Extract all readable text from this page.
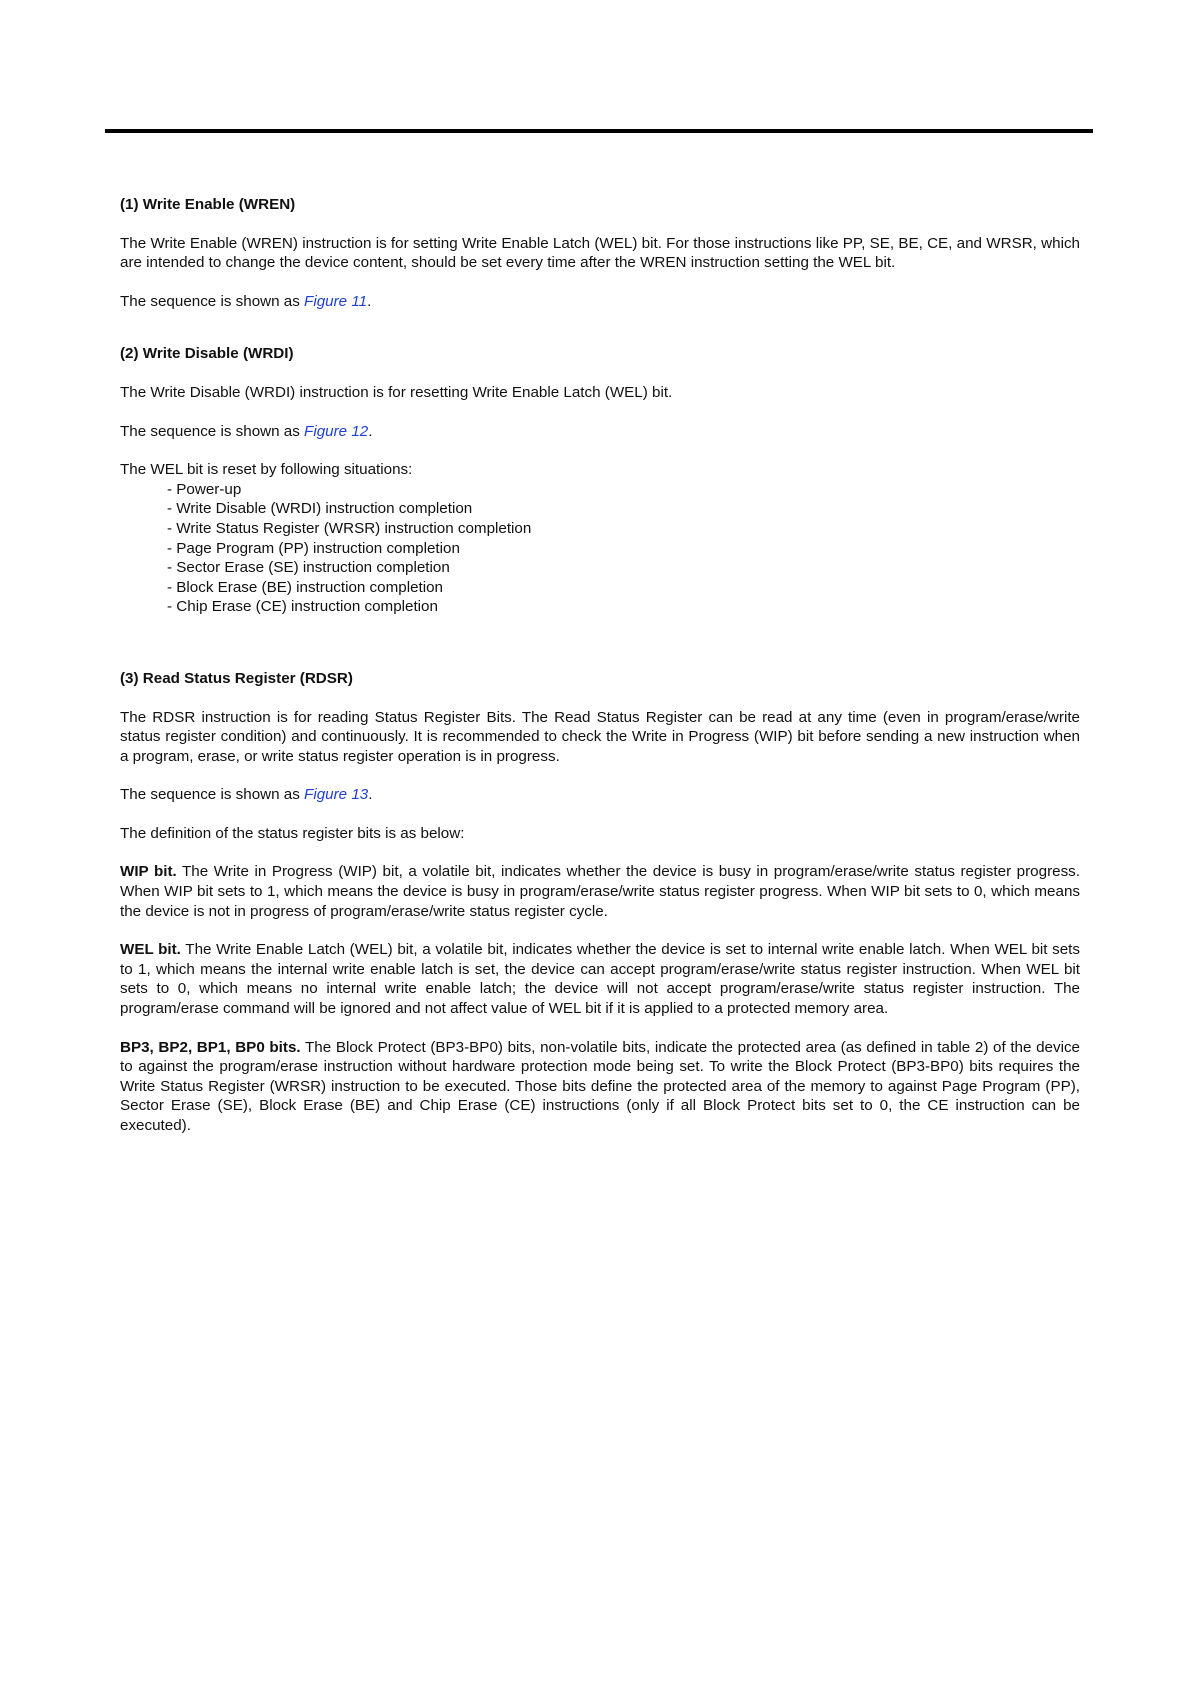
(1) Write Enable (WREN)

The Write Enable (WREN) instruction is for setting Write Enable Latch (WEL) bit. For those instructions like PP, SE, BE, CE, and WRSR, which are intended to change the device content, should be set every time after the WREN instruction setting the WEL bit.

The sequence is shown as Figure 11.

(2) Write Disable (WRDI)

The Write Disable (WRDI) instruction is for resetting Write Enable Latch (WEL) bit.

The sequence is shown as Figure 12.

The WEL bit is reset by following situations:

- Power-up
- Write Disable (WRDI) instruction completion
- Write Status Register (WRSR) instruction completion
- Page Program (PP) instruction completion
- Sector Erase (SE) instruction completion
- Block Erase (BE) instruction completion
- Chip Erase (CE) instruction completion
(3) Read Status Register (RDSR)

The RDSR instruction is for reading Status Register Bits. The Read Status Register can be read at any time (even in program/erase/write status register condition) and continuously. It is recommended to check the Write in Progress (WIP) bit before sending a new instruction when a program, erase, or write status register operation is in progress.

The sequence is shown as Figure 13.

The definition of the status register bits is as below:

WIP bit. The Write in Progress (WIP) bit, a volatile bit, indicates whether the device is busy in program/erase/write status register progress. When WIP bit sets to 1, which means the device is busy in program/erase/write status register progress. When WIP bit sets to 0, which means the device is not in progress of program/erase/write status register cycle.

WEL bit. The Write Enable Latch (WEL) bit, a volatile bit, indicates whether the device is set to internal write enable latch. When WEL bit sets to 1, which means the internal write enable latch is set, the device can accept program/erase/write status register instruction. When WEL bit sets to 0, which means no internal write enable latch; the device will not accept program/erase/write status register instruction. The program/erase command will be ignored and not affect value of WEL bit if it is applied to a protected memory area.

BP3, BP2, BP1, BP0 bits. The Block Protect (BP3-BP0) bits, non-volatile bits, indicate the protected area (as defined in table 2) of the device to against the program/erase instruction without hardware protection mode being set. To write the Block Protect (BP3-BP0) bits requires the Write Status Register (WRSR) instruction to be executed. Those bits define the protected area of the memory to against Page Program (PP), Sector Erase (SE), Block Erase (BE) and Chip Erase (CE) instructions (only if all Block Protect bits set to 0, the CE instruction can be executed).
